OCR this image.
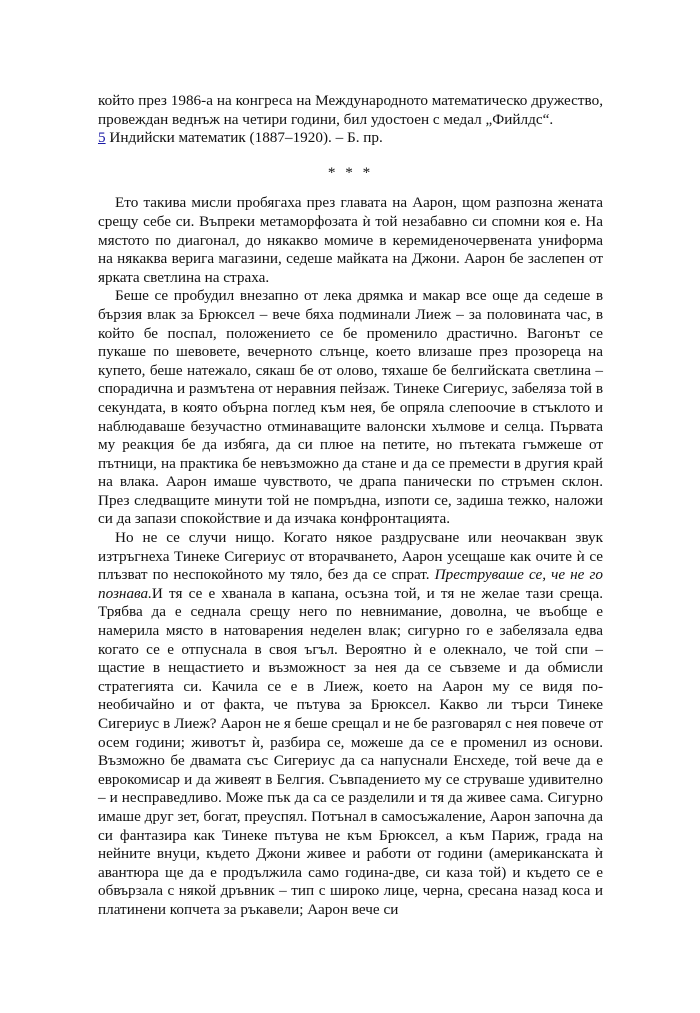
който през 1986-а на конгреса на Международното математическо дружество, провеждан веднъж на четири години, бил удостоен с медал „Фийлдс“.

5 Индийски математик (1887–1920). – Б. пр.

* * *

Ето такива мисли пробягаха през главата на Аарон, щом разпозна жената срещу себе си. Въпреки метаморфозата ѝ той незабавно си спомни коя е. На мястото по диагонал, до някакво момиче в керемиденочервената униформа на някаква верига магазини, седеше майката на Джони. Аарон бе заслепен от ярката светлина на страха.

Беше се пробудил внезапно от лека дрямка и макар все още да седеше в бързия влак за Брюксел – вече бяха подминали Лиеж – за половината час, в който бе поспал, положението се бе променило драстично. Вагонът се пукаше по шевовете, вечерното слънце, което влизаше през прозореца на купето, беше натежало, сякаш бе от олово, тяхаше бе белгийската светлина – спорадична и размътена от неравния пейзаж. Тинеке Сигериус, забеляза той в секундата, в която обърна поглед към нея, бе опряла слепоочие в стъклото и наблюдаваше безучастно отминаващите валонски хълмове и селца. Първата му реакция бе да избяга, да си плюе на петите, но пътеката гъмжеше от пътници, на практика бе невъзможно да стане и да се премести в другия край на влака. Аарон имаше чувството, че драпа панически по стръмен склон. През следващите минути той не помръдна, изпоти се, задиша тежко, наложи си да запази спокойствие и да изчака конфронтацията.

Но не се случи нищо. Когато някое раздрусване или неочакван звук изтръгнеха Тинеке Сигериус от вторачването, Аарон усещаше как очите ѝ се плъзват по неспокойното му тяло, без да се спрат. Преструваше се, че не го познава.И тя се е хванала в капана, осъзна той, и тя не желае тази среща. Трябва да е седнала срещу него по невнимание, доволна, че въобще е намерила място в натоварения неделен влак; сигурно го е забелязала едва когато се е отпуснала в своя ъгъл. Вероятно ѝ е олекнало, че той спи – щастие в нещастието и възможност за нея да се съвземе и да обмисли стратегията си. Качила се е в Лиеж, което на Аарон му се видя по-необичайно и от факта, че пътува за Брюксел. Какво ли търси Тинеке Сигериус в Лиеж? Аарон не я беше срещал и не бе разговарял с нея повече от осем години; животът ѝ, разбира се, можеше да се е променил из основи. Възможно бе двамата със Сигериус да са напуснали Енсхеде, той вече да е еврокомисар и да живеят в Белгия. Съвпадението му се струваше удивително – и несправедливо. Може пък да са се разделили и тя да живее сама. Сигурно имаше друг зет, богат, преуспял. Потънал в самосъжаление, Аарон започна да си фантазира как Тинеке пътува не към Брюксел, а към Париж, града на нейните внуци, където Джони живее и работи от години (американската ѝ авантюра ще да е продължила само година-две, си каза той) и където се е обвързала с някой дръвник – тип с широко лице, черна, сресана назад коса и платинени копчета за ръкавели; Аарон вече си
